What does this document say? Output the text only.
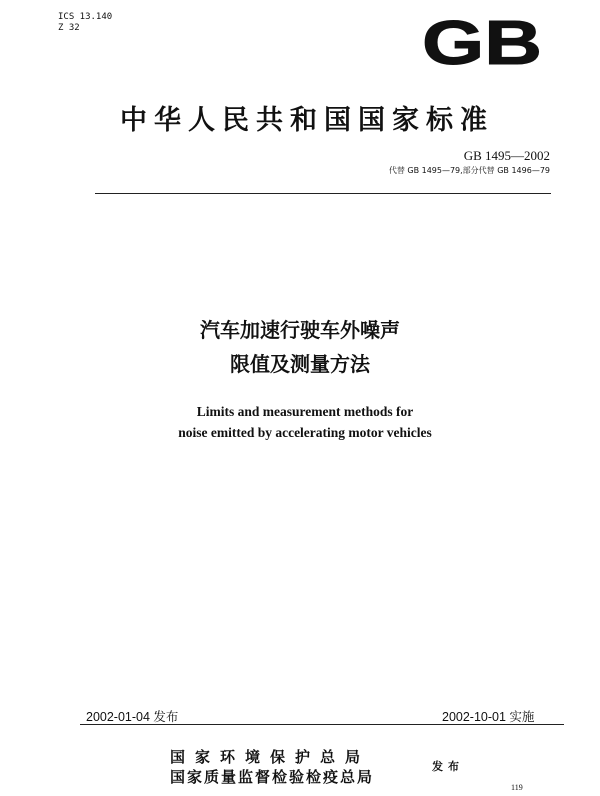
ICS 13.140
Z 32	GB
中华人民共和国国家标准
GB 1495—2002
代替 GB 1495—79,部分代替 GB 1496—79
汽车加速行驶车外噪声
限值及测量方法
Limits and measurement methods for
noise emitted by accelerating motor vehicles
2002-01-04 发布	2002-10-01 实施
国家环境保护总局
国家质量监督检验检疫总局
发布
119
